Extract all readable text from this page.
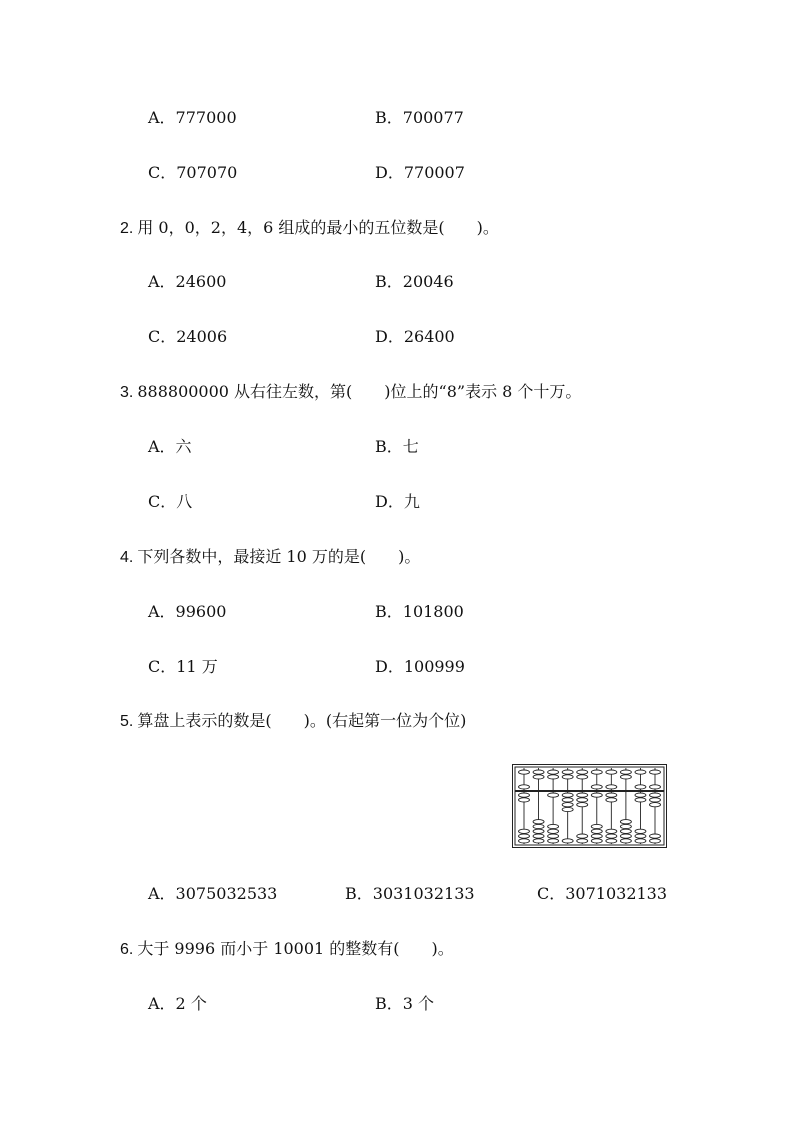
A．777000	B．700077
C．707070	D．770007
2. 用 0，0，2，4，6 组成的最小的五位数是(　　)。
A．24600	B．20046
C．24006	D．26400
3. 888800000 从右往左数，第(　　)位上的“8”表示 8 个十万。
A．六	B．七
C．八	D．九
4. 下列各数中，最接近 10 万的是(　　)。
A．99600	B．101800
C．11 万	D．100999
5. 算盘上表示的数是(　　)。(右起第一位为个位)
A．3075032533	B．3031032133	C．3071032133
6. 大于 9996 而小于 10001 的整数有(　　)。
A．2 个	B．3 个
